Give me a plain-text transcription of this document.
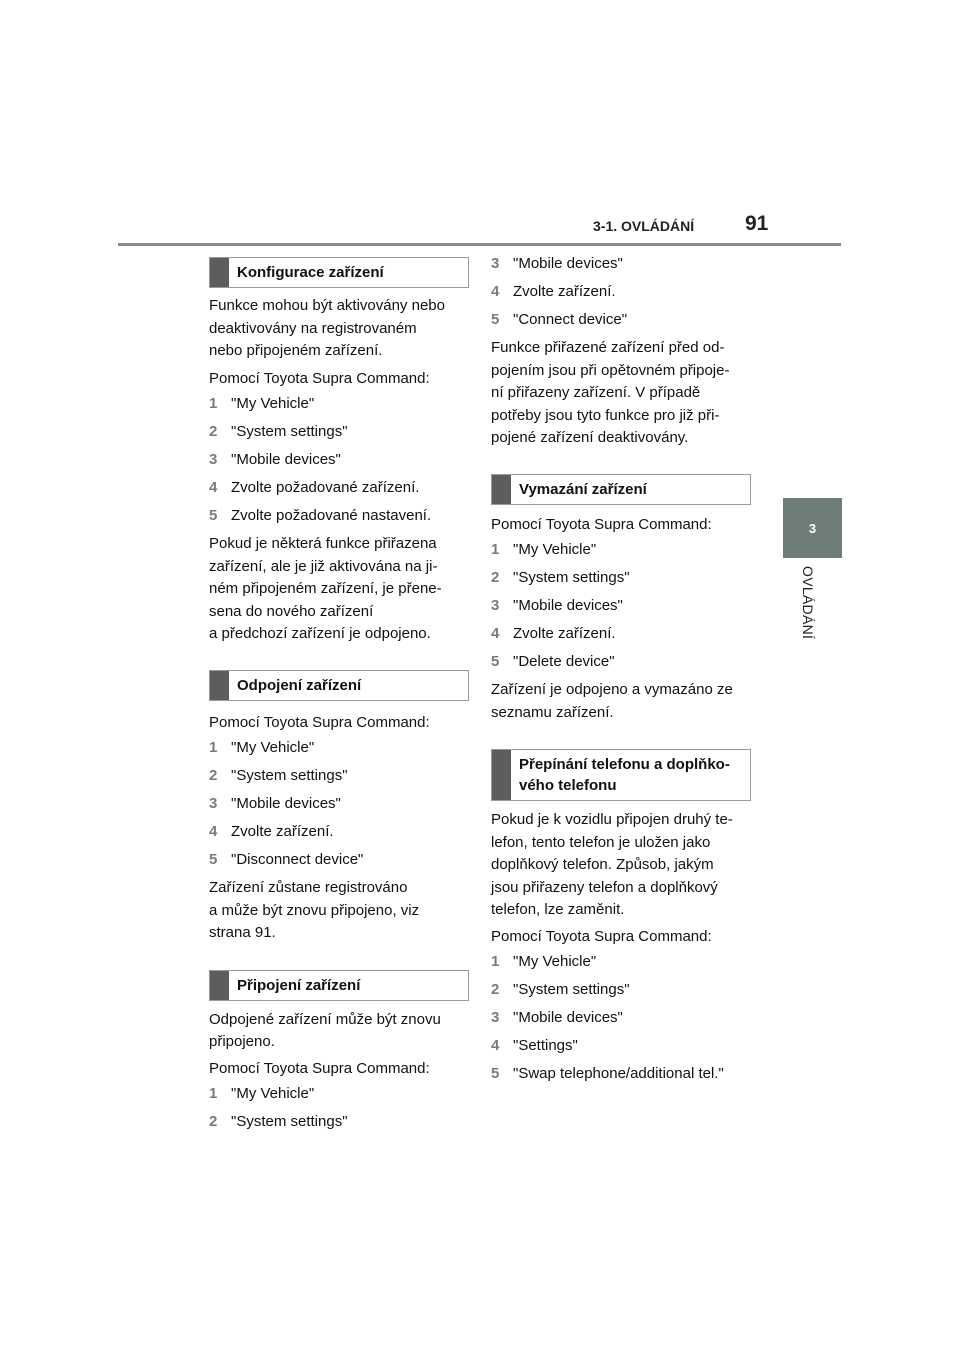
3-1. OVLÁDÁNÍ 91
3
OVLÁDÁNÍ
Konfigurace zařízení

Funkce mohou být aktivovány nebo
deaktivovány na registrovaném
nebo připojeném zařízení.

Pomocí Toyota Supra Command:

1 "My Vehicle"
2 "System settings"
3 "Mobile devices"
4 Zvolte požadované zařízení.
5 Zvolte požadované nastavení.

Pokud je některá funkce přiřazena
zařízení, ale je již aktivována na ji-
ném připojeném zařízení, je přene-
sena do nového zařízení
a předchozí zařízení je odpojeno.

Odpojení zařízení

Pomocí Toyota Supra Command:

1 "My Vehicle"
2 "System settings"
3 "Mobile devices"
4 Zvolte zařízení.
5 "Disconnect device"

Zařízení zůstane registrováno
a může být znovu připojeno, viz
strana 91.

Připojení zařízení

Odpojené zařízení může být znovu
připojeno.

Pomocí Toyota Supra Command:

1 "My Vehicle"
2 "System settings"
3 "Mobile devices"
4 Zvolte zařízení.
5 "Connect device"

Funkce přiřazené zařízení před od-
pojením jsou při opětovném připoje-
ní přiřazeny zařízení. V případě
potřeby jsou tyto funkce pro již při-
pojené zařízení deaktivovány.

Vymazání zařízení

Pomocí Toyota Supra Command:

1 "My Vehicle"
2 "System settings"
3 "Mobile devices"
4 Zvolte zařízení.
5 "Delete device"

Zařízení je odpojeno a vymazáno ze
seznamu zařízení.

Přepínání telefonu a doplňko-
vého telefonu

Pokud je k vozidlu připojen druhý te-
lefon, tento telefon je uložen jako
doplňkový telefon. Způsob, jakým
jsou přiřazeny telefon a doplňkový
telefon, lze zaměnit.

Pomocí Toyota Supra Command:

1 "My Vehicle"
2 "System settings"
3 "Mobile devices"
4 "Settings"
5 "Swap telephone/additional tel."
